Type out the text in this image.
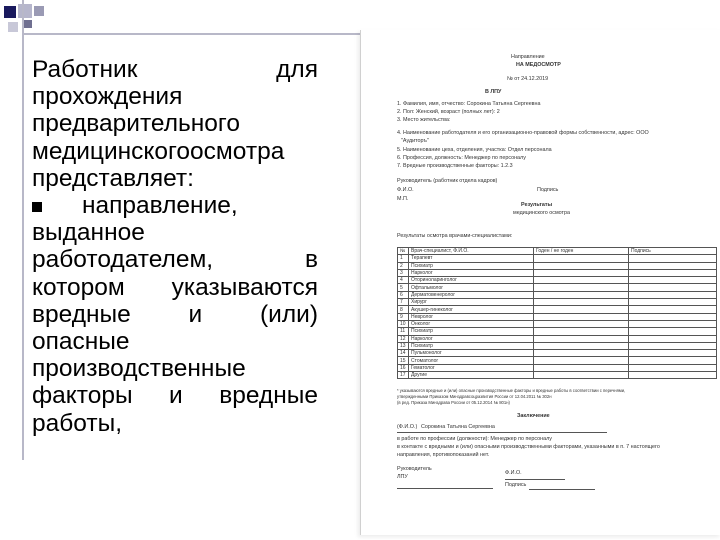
Работник для
прохождения
предварительного
медицинскогоосмотра
представляет:
направление,
выданное
работодателем, в
котором указываются
вредные и (или)
опасные
производственные
факторы и вредные
работы,
Направление
НА МЕДОСМОТР
№ от 24.12.2019
В ЛПУ
1. Фамилия, имя, отчество: Сорокина Татьяна Сергеевна
2. Пол: Женский, возраст (полных лет): 2
3. Место жительства:
4. Наименование работодателя и его организационно-правовой формы собственности, адрес: ООО
"Аудиторъ"
5. Наименование цеха, отделения, участка: Отдел персонала
6. Профессия, должность: Менеджер по персоналу
7. Вредные производственные факторы: 1.2.3
Руководитель (работник отдела кадров)
Ф.И.О.	Подпись
М.П.
Результаты
медицинского осмотра
Результаты осмотра врачами-специалистами:
№	Врач-специалист, Ф.И.О.	Годен / не годен	Подпись
1	Терапевт		
2	Психиатр		
3	Нарколог		
4	Оториноларинголог		
5	Офтальмолог		
6	Дерматовенеролог		
7	Хирург		
8	Акушер-гинеколог		
9	Невролог		
10	Онколог		
11	Психиатр		
12	Нарколог		
13	Психиатр		
14	Пульмонолог		
15	Стоматолог		
16	Гематолог		
17	Другие		
* указываются вредные и (или) опасные производственные факторы и вредные работы в соответствии с перечнями,
утвержденными Приказом Минздравсоцразвития России от 12.04.2011 № 302н
(в ред. Приказа Минздрава России от 05.12.2014 № 801н)
Заключение
Сорокина Татьяна Сергеевна
(Ф.И.О.)
в работе по профессии (должности): Менеджер по персоналу
в контакте с вредными и (или) опасными производственными факторами, указанными в п. 7 настоящего
направления, противопоказаний нет.
Руководитель
ЛПУ
Ф.И.О.
Подпись
